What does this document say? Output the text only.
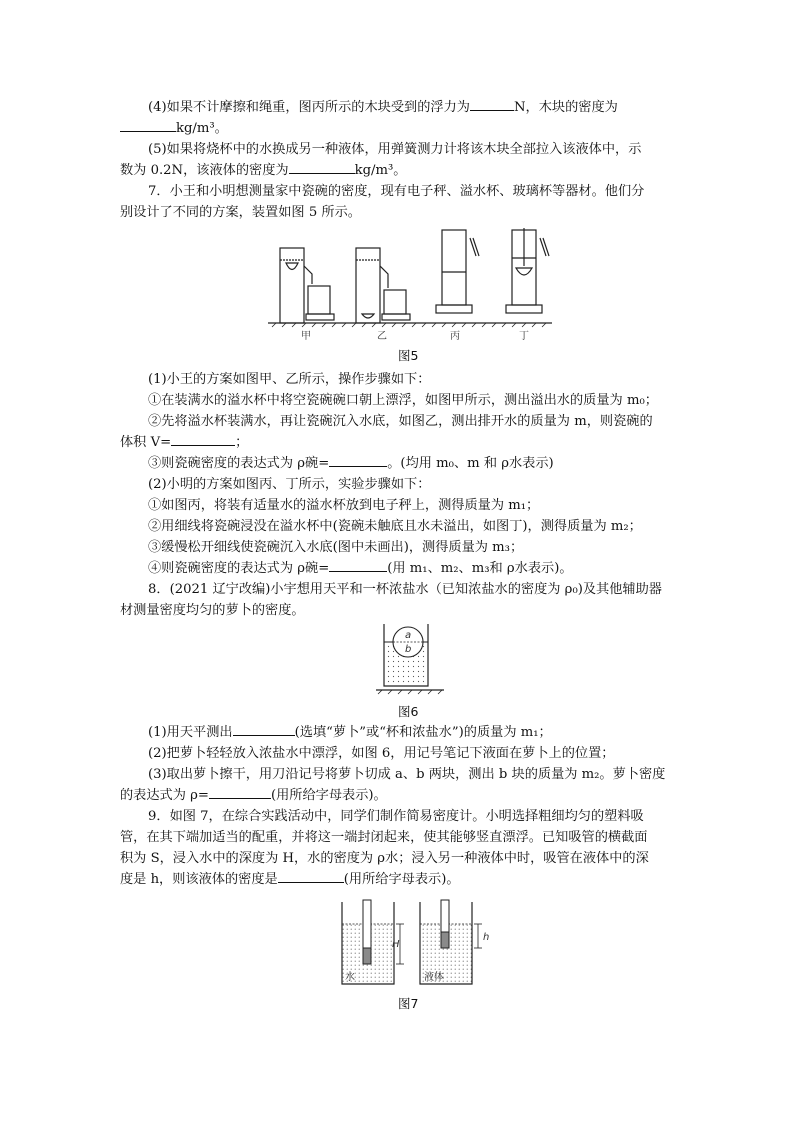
(4)如果不计摩擦和绳重，图丙所示的木块受到的浮力为	N，木块的密度为

kg/m³。

(5)如果将烧杯中的水换成另一种液体，用弹簧测力计将该木块全部拉入该液体中，示

数为 0.2N，该液体的密度为	kg/m³。

7．小王和小明想测量家中瓷碗的密度，现有电子秤、溢水杯、玻璃杯等器材。他们分

别设计了不同的方案，装置如图 5 所示。

甲	乙	丙	丁
图5

(1)小王的方案如图甲、乙所示，操作步骤如下：

①在装满水的溢水杯中将空瓷碗碗口朝上漂浮，如图甲所示，测出溢出水的质量为 m₀；

②先将溢水杯装满水，再让瓷碗沉入水底，如图乙，测出排开水的质量为 m，则瓷碗的

体积 V=	；

③则瓷碗密度的表达式为 ρ碗=	。(均用 m₀、m 和 ρ水表示)

(2)小明的方案如图丙、丁所示，实验步骤如下：

①如图丙，将装有适量水的溢水杯放到电子秤上，测得质量为 m₁；

②用细线将瓷碗浸没在溢水杯中(瓷碗未触底且水未溢出，如图丁)，测得质量为 m₂；

③缓慢松开细线使瓷碗沉入水底(图中未画出)，测得质量为 m₃；

④则瓷碗密度的表达式为 ρ碗=	(用 m₁、m₂、m₃和 ρ水表示)。

8．(2021 辽宁改编)小宇想用天平和一杯浓盐水（已知浓盐水的密度为 ρ₀)及其他辅助器

材测量密度均匀的萝卜的密度。

a
b
图6

(1)用天平测出	(选填“萝卜”或“杯和浓盐水”)的质量为 m₁；

(2)把萝卜轻轻放入浓盐水中漂浮，如图 6，用记号笔记下液面在萝卜上的位置；

(3)取出萝卜擦干，用刀沿记号将萝卜切成 a、b 两块，测出 b 块的质量为 m₂。萝卜密度

的表达式为 ρ=	(用所给字母表示)。

9．如图 7，在综合实践活动中，同学们制作简易密度计。小明选择粗细均匀的塑料吸

管，在其下端加适当的配重，并将这一端封闭起来，使其能够竖直漂浮。已知吸管的横截面

积为 S，浸入水中的深度为 H，水的密度为 ρ水；浸入另一种液体中时，吸管在液体中的深

度是 h，则该液体的密度是	(用所给字母表示)。

H
水
h
液体
图7
